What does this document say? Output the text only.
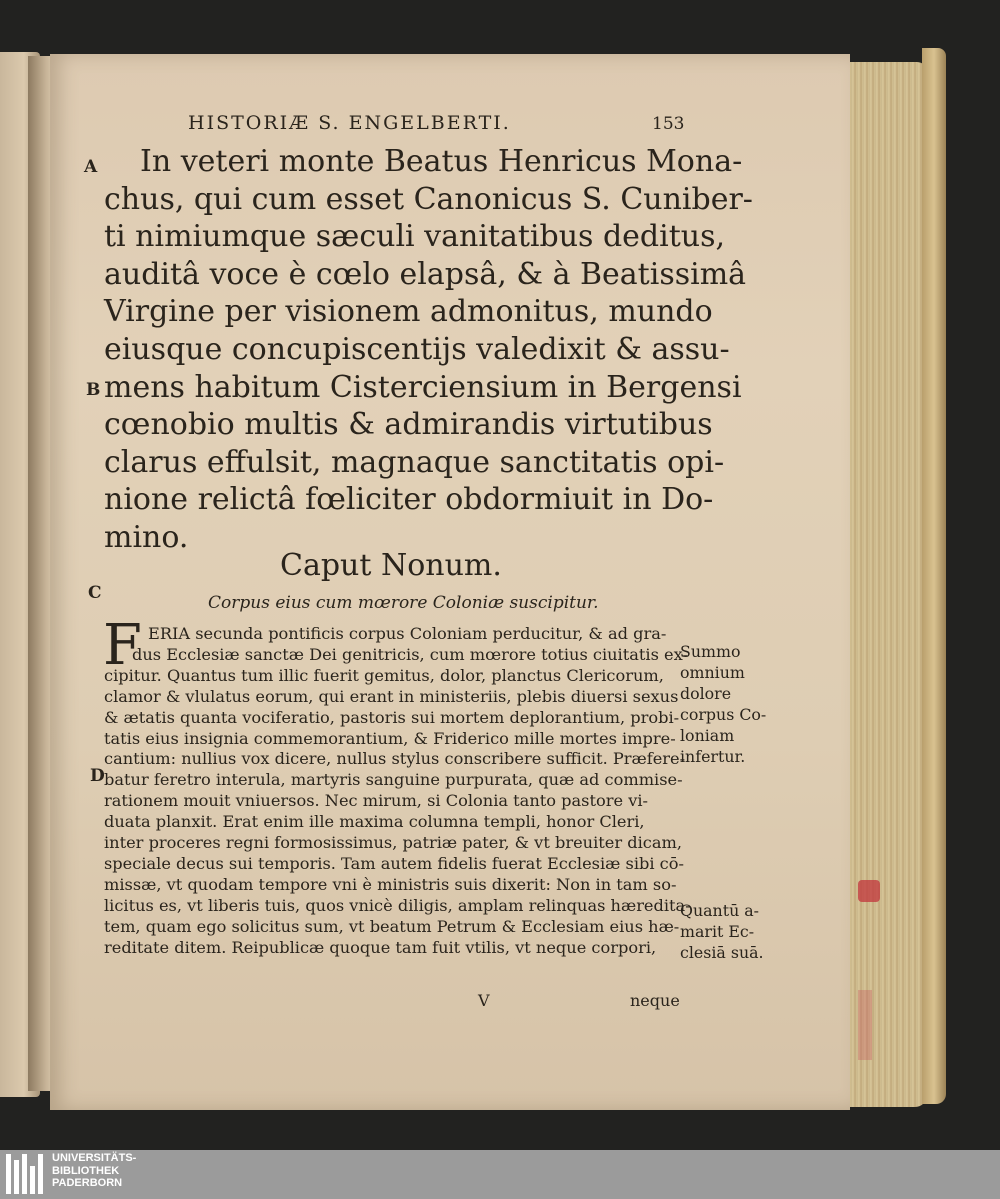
HISTORIÆ S. ENGELBERTI.	153
A
B
C
D
In veteri monte Beatus Henricus Mona-
chus, qui cum esset Canonicus S. Cuniber-
ti nimiumque sæculi vanitatibus deditus,
auditâ voce è cœlo elapsâ, & à Beatissimâ
Virgine per visionem admonitus, mundo
eiusque concupiscentijs valedixit & assu-
mens habitum Cisterciensium in Bergensi
cœnobio multis & admirandis virtutibus
clarus effulsit, magnaque sanctitatis opi-
nione relictâ fœliciter obdormiuit in Do-
mino.
Caput Nonum.
Corpus eius cum mœrore Coloniæ suscipitur.
F ERIA secunda pontificis corpus Coloniam perducitur, & ad gra-
dus Ecclesiæ sanctæ Dei genitricis, cum mœrore totius ciuitatis ex-
cipitur. Quantus tum illic fuerit gemitus, dolor, planctus Clericorum,
clamor & vlulatus eorum, qui erant in ministeriis, plebis diuersi sexus
& ætatis quanta vociferatio, pastoris sui mortem deplorantium, probi-
tatis eius insignia commemorantium, & Friderico mille mortes impre-
cantium: nullius vox dicere, nullus stylus conscribere sufficit. Præfere-
batur feretro interula, martyris sanguine purpurata, quæ ad commise-
rationem mouit vniuersos. Nec mirum, si Colonia tanto pastore vi-
duata planxit. Erat enim ille maxima columna templi, honor Cleri,
inter proceres regni formosissimus, patriæ pater, & vt breuiter dicam,
speciale decus sui temporis. Tam autem fidelis fuerat Ecclesiæ sibi cō-
missæ, vt quodam tempore vni è ministris suis dixerit: Non in tam so-
licitus es, vt liberis tuis, quos vnicè diligis, amplam relinquas hæredita-
tem, quam ego solicitus sum, vt beatum Petrum & Ecclesiam eius hæ-
reditate ditem. Reipublicæ quoque tam fuit vtilis, vt neque corpori,
Summo
omnium
dolore
corpus Co-
loniam
infertur.
Quantū a-
marit Ec-
clesiā suā.
V	neque
UNIVERSITÄTS-
BIBLIOTHEK
PADERBORN
